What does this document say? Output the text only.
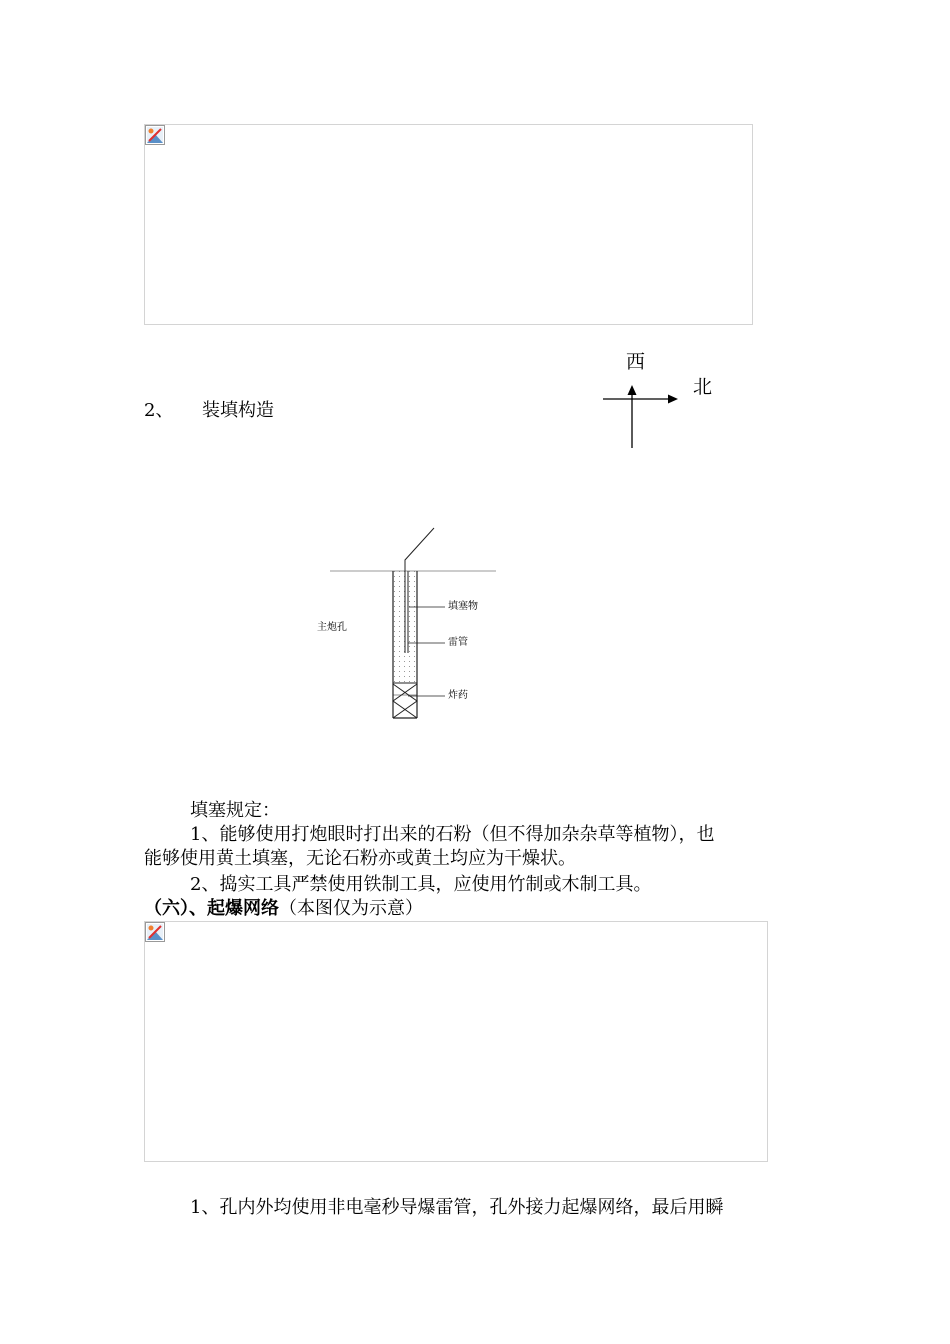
西
北
2、 装填构造
主炮孔
填塞物
雷管
炸药
填塞规定：
1、能够使用打炮眼时打出来的石粉（但不得加杂杂草等植物），也
能够使用黄土填塞，无论石粉亦或黄土均应为干燥状。
2、捣实工具严禁使用铁制工具，应使用竹制或木制工具。
（六）、起爆网络（本图仅为示意）
1、孔内外均使用非电毫秒导爆雷管，孔外接力起爆网络，最后用瞬
